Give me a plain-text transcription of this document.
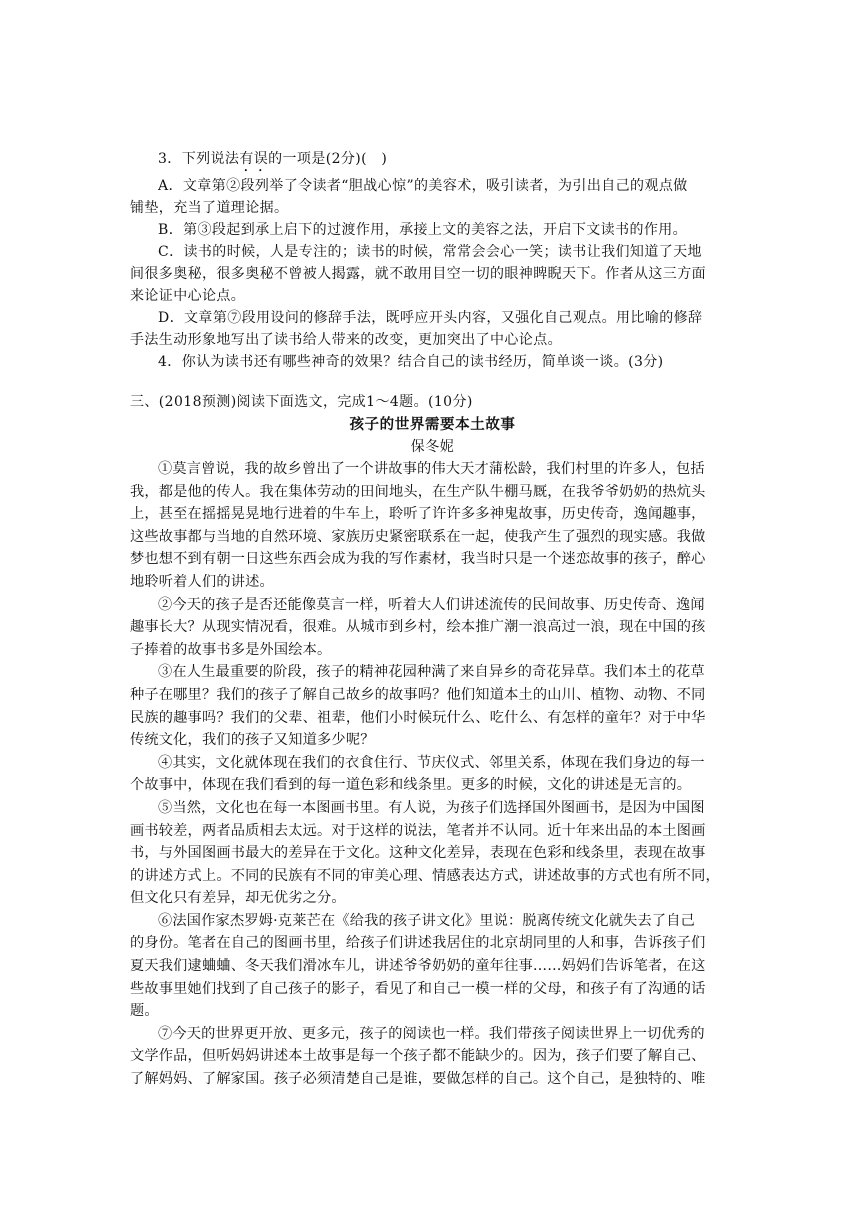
3．下列说法有误的一项是(2分)(　)
A．文章第②段列举了令读者“胆战心惊”的美容术，吸引读者，为引出自己的观点做
铺垫，充当了道理论据。
B．第③段起到承上启下的过渡作用，承接上文的美容之法，开启下文读书的作用。
C．读书的时候，人是专注的；读书的时候，常常会会心一笑；读书让我们知道了天地
间很多奥秘，很多奥秘不曾被人揭露，就不敢用目空一切的眼神睥睨天下。作者从这三方面
来论证中心论点。
D．文章第⑦段用设问的修辞手法，既呼应开头内容，又强化自己观点。用比喻的修辞
手法生动形象地写出了读书给人带来的改变，更加突出了中心论点。
4．你认为读书还有哪些神奇的效果？结合自己的读书经历，简单谈一谈。(3分)
三、(2018预测)阅读下面选文，完成1～4题。(10分)
孩子的世界需要本土故事
保冬妮
①莫言曾说，我的故乡曾出了一个讲故事的伟大天才蒲松龄，我们村里的许多人，包括
我，都是他的传人。我在集体劳动的田间地头，在生产队牛棚马厩，在我爷爷奶奶的热炕头
上，甚至在摇摇晃晃地行进着的牛车上，聆听了许许多多神鬼故事，历史传奇，逸闻趣事，
这些故事都与当地的自然环境、家族历史紧密联系在一起，使我产生了强烈的现实感。我做
梦也想不到有朝一日这些东西会成为我的写作素材，我当时只是一个迷恋故事的孩子，醉心
地聆听着人们的讲述。
②今天的孩子是否还能像莫言一样，听着大人们讲述流传的民间故事、历史传奇、逸闻
趣事长大？从现实情况看，很难。从城市到乡村，绘本推广潮一浪高过一浪，现在中国的孩
子捧着的故事书多是外国绘本。
③在人生最重要的阶段，孩子的精神花园种满了来自异乡的奇花异草。我们本土的花草
种子在哪里？我们的孩子了解自己故乡的故事吗？他们知道本土的山川、植物、动物、不同
民族的趣事吗？我们的父辈、祖辈，他们小时候玩什么、吃什么、有怎样的童年？对于中华
传统文化，我们的孩子又知道多少呢？
④其实，文化就体现在我们的衣食住行、节庆仪式、邻里关系，体现在我们身边的每一
个故事中，体现在我们看到的每一道色彩和线条里。更多的时候，文化的讲述是无言的。
⑤当然，文化也在每一本图画书里。有人说，为孩子们选择国外图画书，是因为中国图
画书较差，两者品质相去太远。对于这样的说法，笔者并不认同。近十年来出品的本土图画
书，与外国图画书最大的差异在于文化。这种文化差异，表现在色彩和线条里，表现在故事
的讲述方式上。不同的民族有不同的审美心理、情感表达方式，讲述故事的方式也有所不同，
但文化只有差异，却无优劣之分。
⑥法国作家杰罗姆·克莱芒在《给我的孩子讲文化》里说：脱离传统文化就失去了自己
的身份。笔者在自己的图画书里，给孩子们讲述我居住的北京胡同里的人和事，告诉孩子们
夏天我们逮蛐蛐、冬天我们滑冰车儿，讲述爷爷奶奶的童年往事……妈妈们告诉笔者，在这
些故事里她们找到了自己孩子的影子，看见了和自己一模一样的父母，和孩子有了沟通的话
题。
⑦今天的世界更开放、更多元，孩子的阅读也一样。我们带孩子阅读世界上一切优秀的
文学作品，但听妈妈讲述本土故事是每一个孩子都不能缺少的。因为，孩子们要了解自己、
了解妈妈、了解家国。孩子必须清楚自己是谁，要做怎样的自己。这个自己，是独特的、唯
